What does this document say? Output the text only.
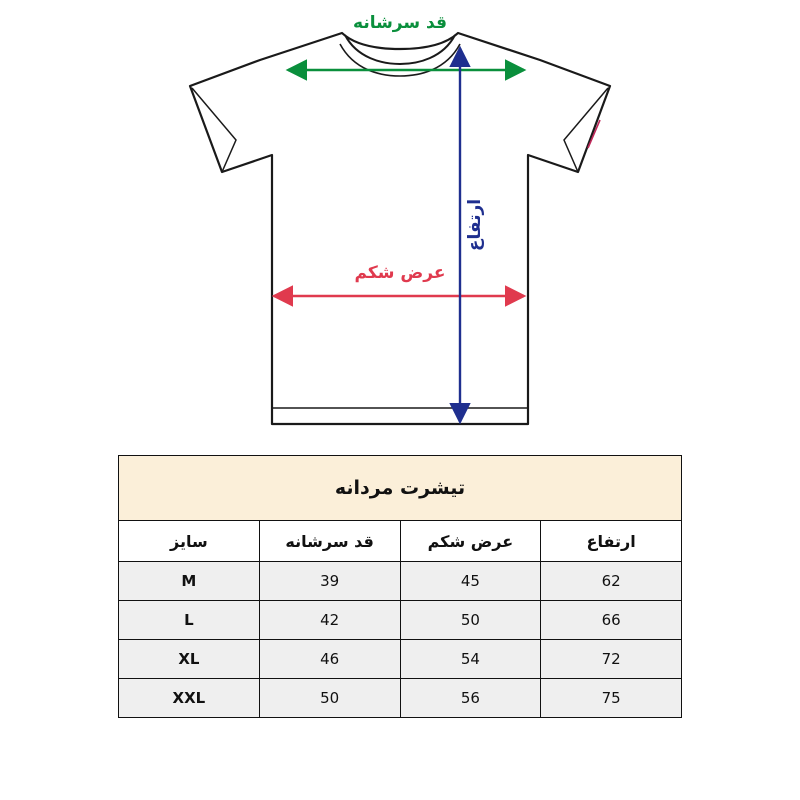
قد سرشانه
عرض شکم
ارتفاع
تیشرت مردانه			
ارتفاع	عرض شکم	قد سرشانه	سایز
62	45	39	M
66	50	42	L
72	54	46	XL
75	56	50	XXL
